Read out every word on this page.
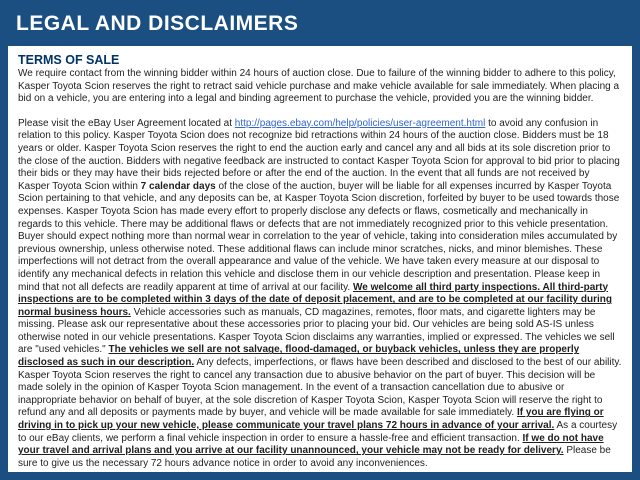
LEGAL AND DISCLAIMERS
TERMS OF SALE

We require contact from the winning bidder within 24 hours of auction close. Due to failure of the winning bidder to adhere to this policy, Kasper Toyota Scion reserves the right to retract said vehicle purchase and make vehicle available for sale immediately. When placing a bid on a vehicle, you are entering into a legal and binding agreement to purchase the vehicle, provided you are the winning bidder.

Please visit the eBay User Agreement located at http://pages.ebay.com/help/policies/user-agreement.html to avoid any confusion in relation to this policy. Kasper Toyota Scion does not recognize bid retractions within 24 hours of the auction close. Bidders must be 18 years or older. Kasper Toyota Scion reserves the right to end the auction early and cancel any and all bids at its sole discretion prior to the close of the auction. Bidders with negative feedback are instructed to contact Kasper Toyota Scion for approval to bid prior to placing their bids or they may have their bids rejected before or after the end of the auction. In the event that all funds are not received by Kasper Toyota Scion within 7 calendar days of the close of the auction, buyer will be liable for all expenses incurred by Kasper Toyota Scion pertaining to that vehicle, and any deposits can be, at Kasper Toyota Scion discretion, forfeited by buyer to be used towards those expenses. Kasper Toyota Scion has made every effort to properly disclose any defects or flaws, cosmetically and mechanically in regards to this vehicle. There may be additional flaws or defects that are not immediately recognized prior to this vehicle presentation. Buyer should expect nothing more than normal wear in correlation to the year of vehicle, taking into consideration miles accumulated by previous ownership, unless otherwise noted. These additional flaws can include minor scratches, nicks, and minor blemishes. These imperfections will not detract from the overall appearance and value of the vehicle. We have taken every measure at our disposal to identify any mechanical defects in relation this vehicle and disclose them in our vehicle description and presentation. Please keep in mind that not all defects are readily apparent at time of arrival at our facility. We welcome all third party inspections. All third-party inspections are to be completed within 3 days of the date of deposit placement, and are to be completed at our facility during normal business hours. Vehicle accessories such as manuals, CD magazines, remotes, floor mats, and cigarette lighters may be missing. Please ask our representative about these accessories prior to placing your bid. Our vehicles are being sold AS-IS unless otherwise noted in our vehicle presentations. Kasper Toyota Scion disclaims any warranties, implied or expressed. The vehicles we sell are "used vehicles." The vehicles we sell are not salvage, flood-damaged, or buyback vehicles, unless they are properly disclosed as such in our description. Any defects, imperfections, or flaws have been described and disclosed to the best of our ability. Kasper Toyota Scion reserves the right to cancel any transaction due to abusive behavior on the part of buyer. This decision will be made solely in the opinion of Kasper Toyota Scion management. In the event of a transaction cancellation due to abusive or inappropriate behavior on behalf of buyer, at the sole discretion of Kasper Toyota Scion, Kasper Toyota Scion will reserve the right to refund any and all deposits or payments made by buyer, and vehicle will be made available for sale immediately. If you are flying or driving in to pick up your new vehicle, please communicate your travel plans 72 hours in advance of your arrival. As a courtesy to our eBay clients, we perform a final vehicle inspection in order to ensure a hassle-free and efficient transaction. If we do not have your travel and arrival plans and you arrive at our facility unannounced, your vehicle may not be ready for delivery. Please be sure to give us the necessary 72 hours advance notice in order to avoid any inconveniences.
